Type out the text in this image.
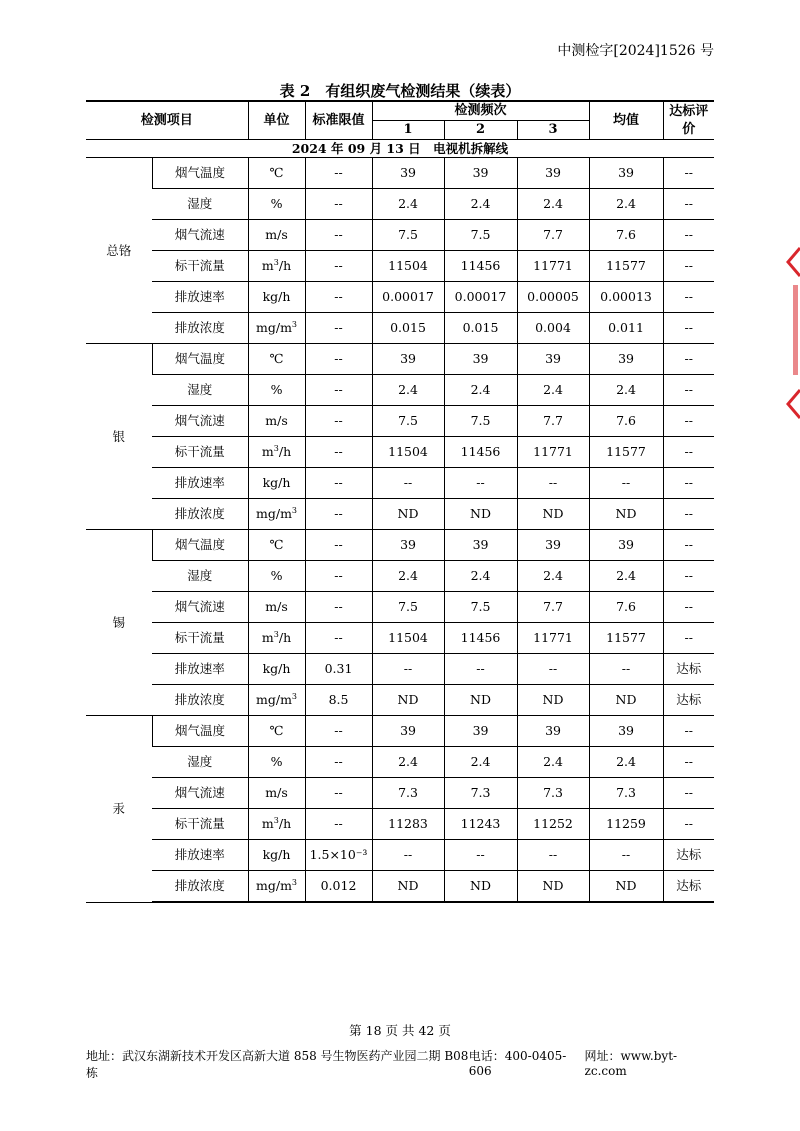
中测检字[2024]1526 号
表 2　有组织废气检测结果（续表）
检测项目		单位	标准限值	检测频次			均值	达标评价
				1	2	3		
2024 年 09 月 13 日　电视机拆解线								
总铬	烟气温度	℃	--	39	39	39	39	--
	湿度	%	--	2.4	2.4	2.4	2.4	--
	烟气流速	m/s	--	7.5	7.5	7.7	7.6	--
	标干流量	$m^3/h$	--	11504	11456	11771	11577	--
	排放速率	kg/h	--	0.00017	0.00017	0.00005	0.00013	--
	排放浓度	$mg/m^3$	--	0.015	0.015	0.004	0.011	--
银	烟气温度	℃	--	39	39	39	39	--
	湿度	%	--	2.4	2.4	2.4	2.4	--
	烟气流速	m/s	--	7.5	7.5	7.7	7.6	--
	标干流量	$m^3/h$	--	11504	11456	11771	11577	--
	排放速率	kg/h	--	--	--	--	--	--
	排放浓度	$mg/m^3$	--	ND	ND	ND	ND	--
锡	烟气温度	℃	--	39	39	39	39	--
	湿度	%	--	2.4	2.4	2.4	2.4	--
	烟气流速	m/s	--	7.5	7.5	7.7	7.6	--
	标干流量	$m^3/h$	--	11504	11456	11771	11577	--
	排放速率	kg/h	0.31	--	--	--	--	达标
	排放浓度	$mg/m^3$	8.5	ND	ND	ND	ND	达标
汞	烟气温度	℃	--	39	39	39	39	--
	湿度	%	--	2.4	2.4	2.4	2.4	--
	烟气流速	m/s	--	7.3	7.3	7.3	7.3	--
	标干流量	$m^3/h$	--	11283	11243	11252	11259	--
	排放速率	kg/h	1.5×10⁻³	--	--	--	--	达标
	排放浓度	$mg/m^3$	0.012	ND	ND	ND	ND	达标
第 18 页 共 42 页
地址：武汉东湖新技术开发区高新大道 858 号生物医药产业园二期 B08 栋
电话：400-0405-606
网址：www.byt-zc.com
